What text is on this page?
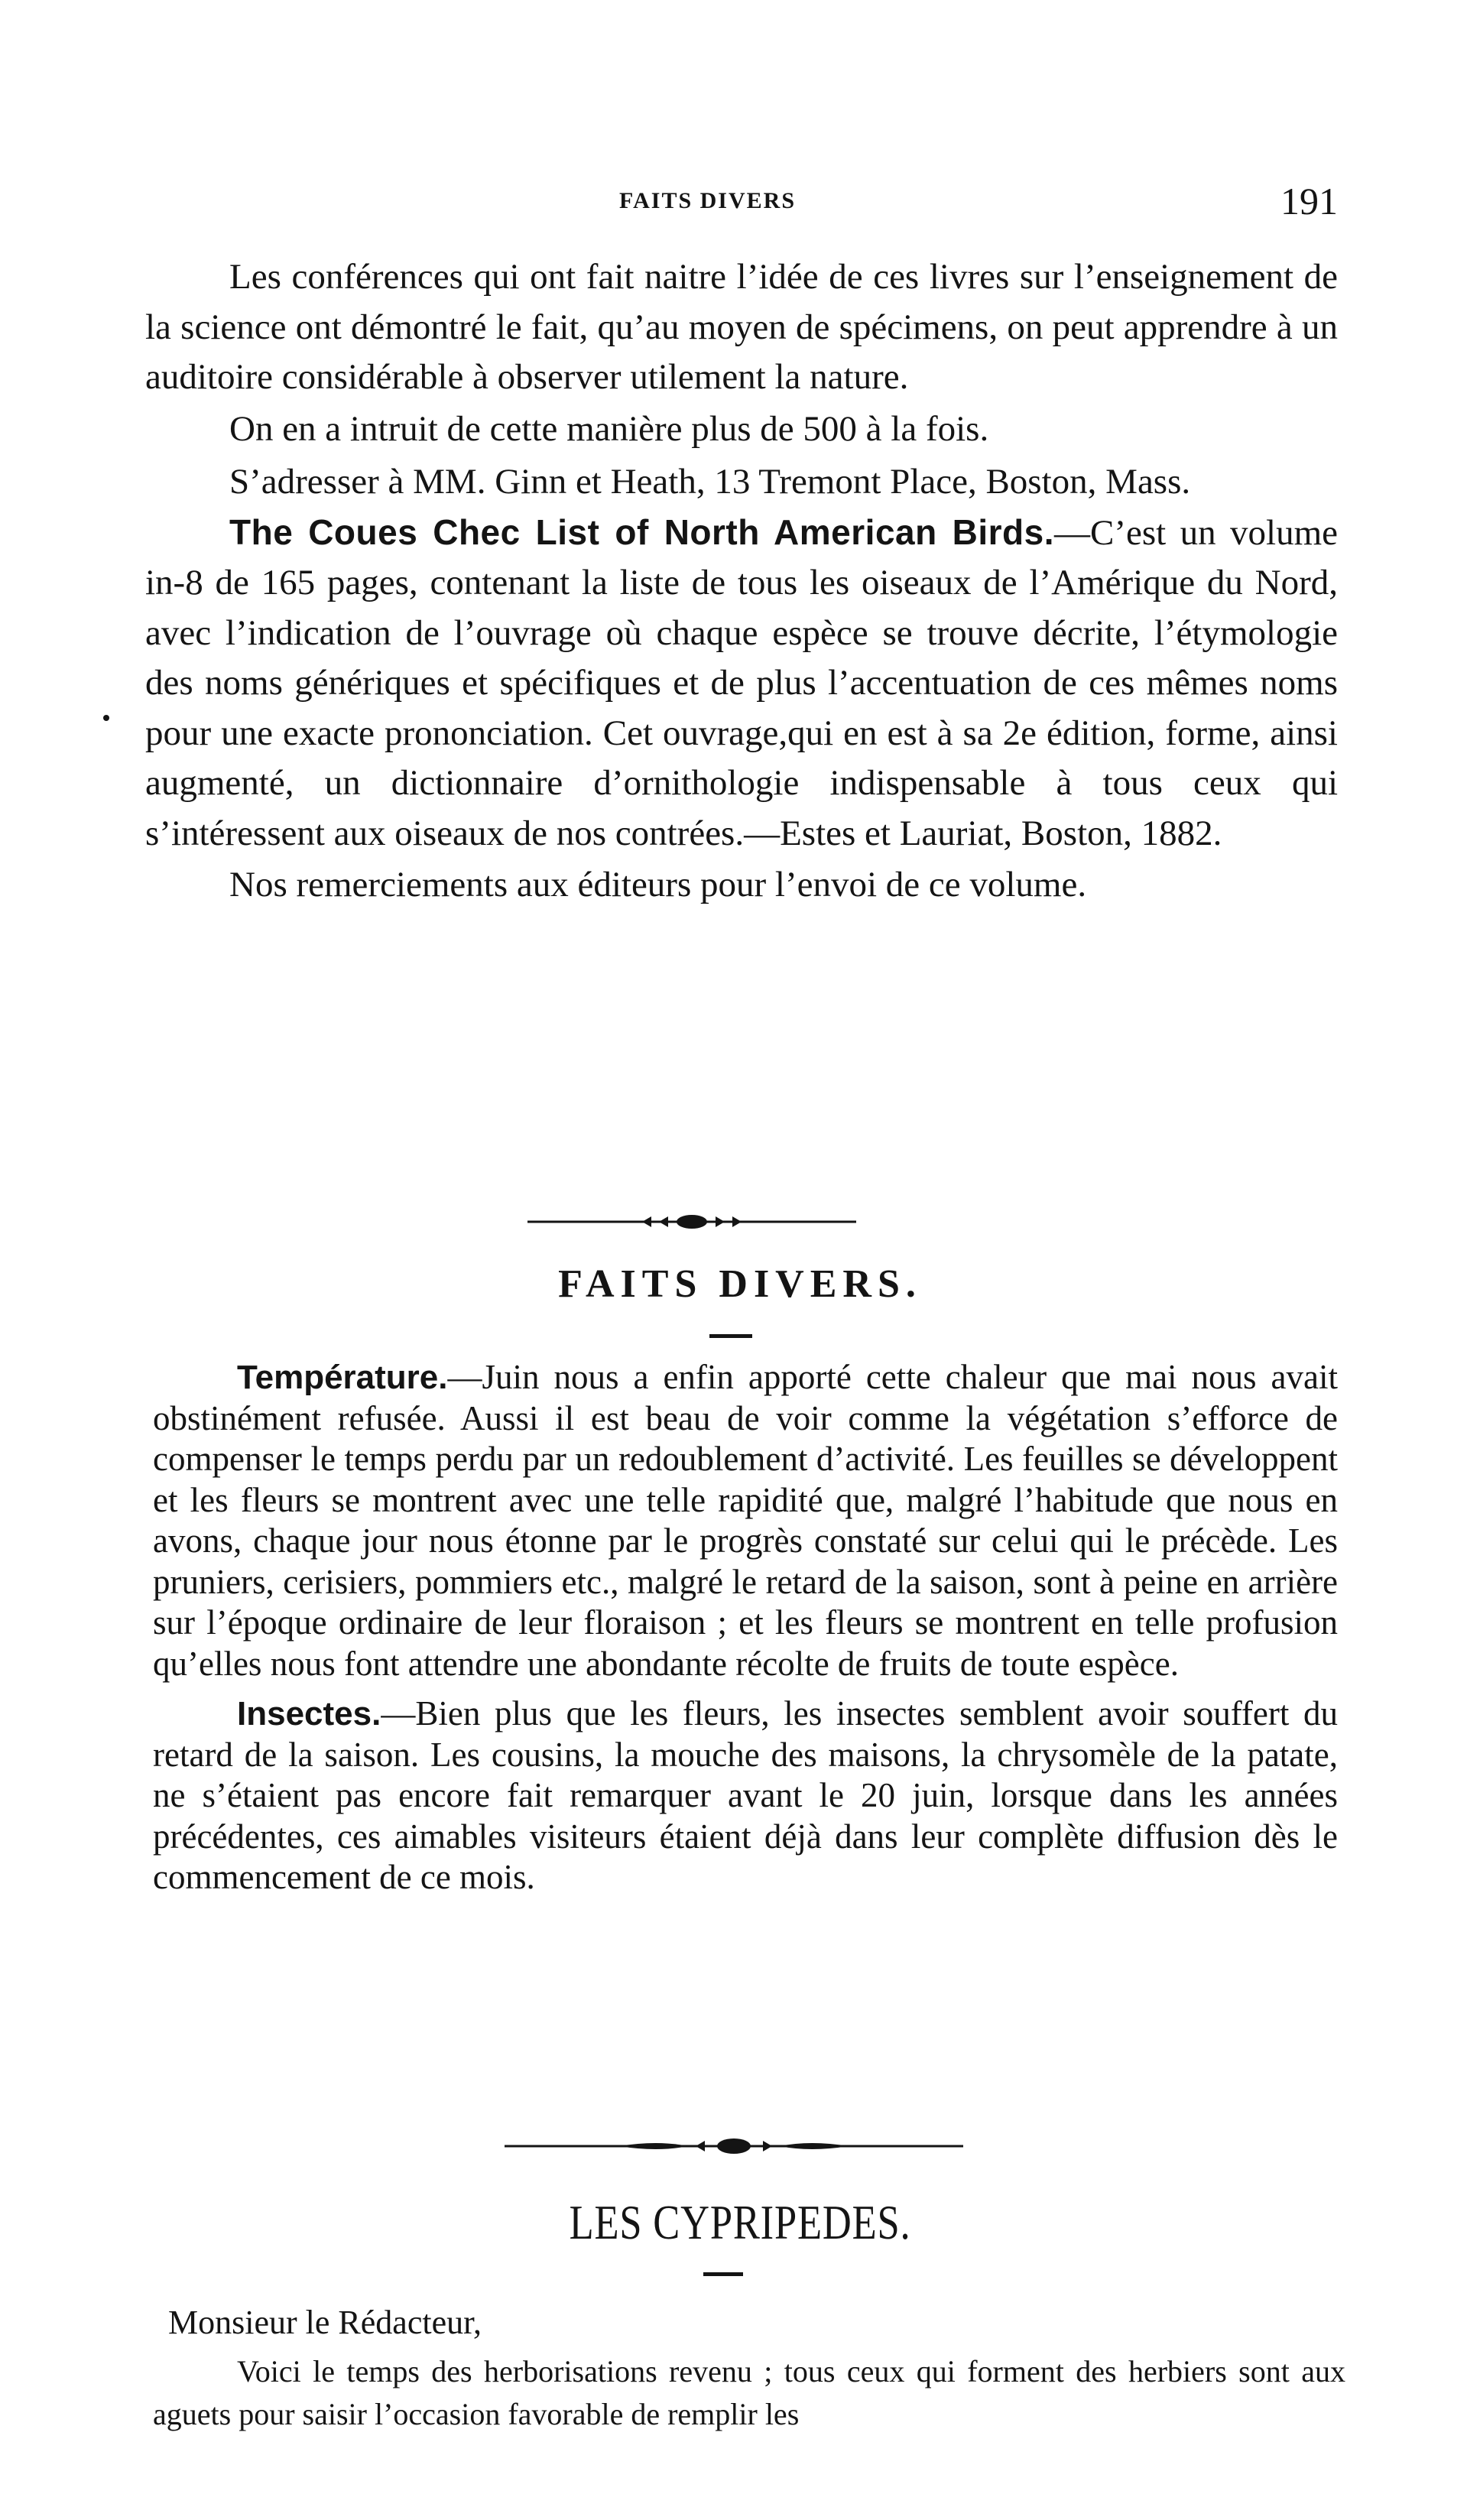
FAITS DIVERS	191

Les conférences qui ont fait naitre l’idée de ces livres sur l’enseignement de la science ont démontré le fait, qu’au moyen de spécimens, on peut apprendre à un auditoire considérable à observer utilement la nature.

On en a intruit de cette manière plus de 500 à la fois.

S’adresser à MM. Ginn et Heath, 13 Tremont Place, Boston, Mass.

The Coues Chec List of North American Birds.—C’est un volume in-8 de 165 pages, contenant la liste de tous les oiseaux de l’Amérique du Nord, avec l’indication de l’ouvrage où chaque espèce se trouve décrite, l’étymologie des noms génériques et spécifiques et de plus l’accentuation de ces mêmes noms pour une exacte prononciation. Cet ouvrage,qui en est à sa 2e édition, forme, ainsi augmenté, un dictionnaire d’ornithologie indispensable à tous ceux qui s’intéressent aux oiseaux de nos contrées.—Estes et Lauriat, Boston, 1882.

Nos remerciements aux éditeurs pour l’envoi de ce volume.

FAITS DIVERS.

Température.—Juin nous a enfin apporté cette chaleur que mai nous avait obstinément refusée. Aussi il est beau de voir comme la végétation s’efforce de compenser le temps perdu par un redoublement d’activité. Les feuilles se développent et les fleurs se montrent avec une telle rapidité que, malgré l’habitude que nous en avons, chaque jour nous étonne par le progrès constaté sur celui qui le précède. Les pruniers, cerisiers, pommiers etc., malgré le retard de la saison, sont à peine en arrière sur l’époque ordinaire de leur floraison ; et les fleurs se montrent en telle profusion qu’elles nous font attendre une abondante récolte de fruits de toute espèce.

Insectes.—Bien plus que les fleurs, les insectes semblent avoir souffert du retard de la saison. Les cousins, la mouche des maisons, la chrysomèle de la patate, ne s’étaient pas encore fait remarquer avant le 20 juin, lorsque dans les années précédentes, ces aimables visiteurs étaient déjà dans leur complète diffusion dès le commencement de ce mois.

LES CYPRIPEDES.

Monsieur le Rédacteur,

Voici le temps des herborisations revenu ; tous ceux qui forment des herbiers sont aux aguets pour saisir l’occasion favorable de remplir les
